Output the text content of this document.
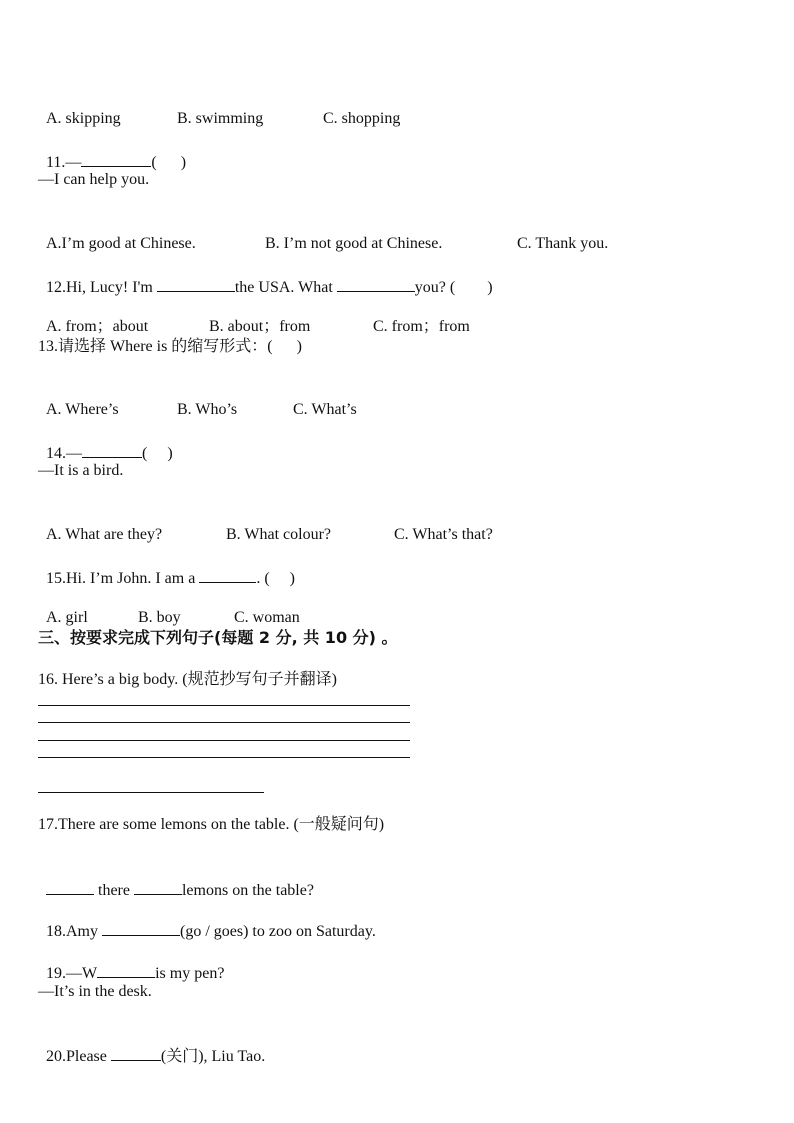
A. skipping	B. swimming	C. shopping

11.—	(      )

—I can help you.

A.I’m good at Chinese.	B. I’m not good at Chinese.	C. Thank you.

12.Hi, Lucy! I'm	the USA. What	you? (        )

A. from；about	B. about；from	C. from；from

13.请选择 Where is 的缩写形式：(      )

A. Where’s	B. Who’s	C. What’s

14.—	(     )

—It is a bird.

A. What are they?	B. What colour?	C. What’s that?

15.Hi. I’m John. I am a	. (     )

A. girl	B. boy	C. woman

三、按要求完成下列句子(每题 2 分, 共 10 分) 。
16. Here’s a big body. (规范抄写句子并翻译)
17.There are some lemons on the table. (一般疑问句)

there	lemons on the table?

18.Amy	(go / goes) to zoo on Saturday.

19.—W	is my pen?

—It’s in the desk.

20.Please	(关门), Liu Tao.
